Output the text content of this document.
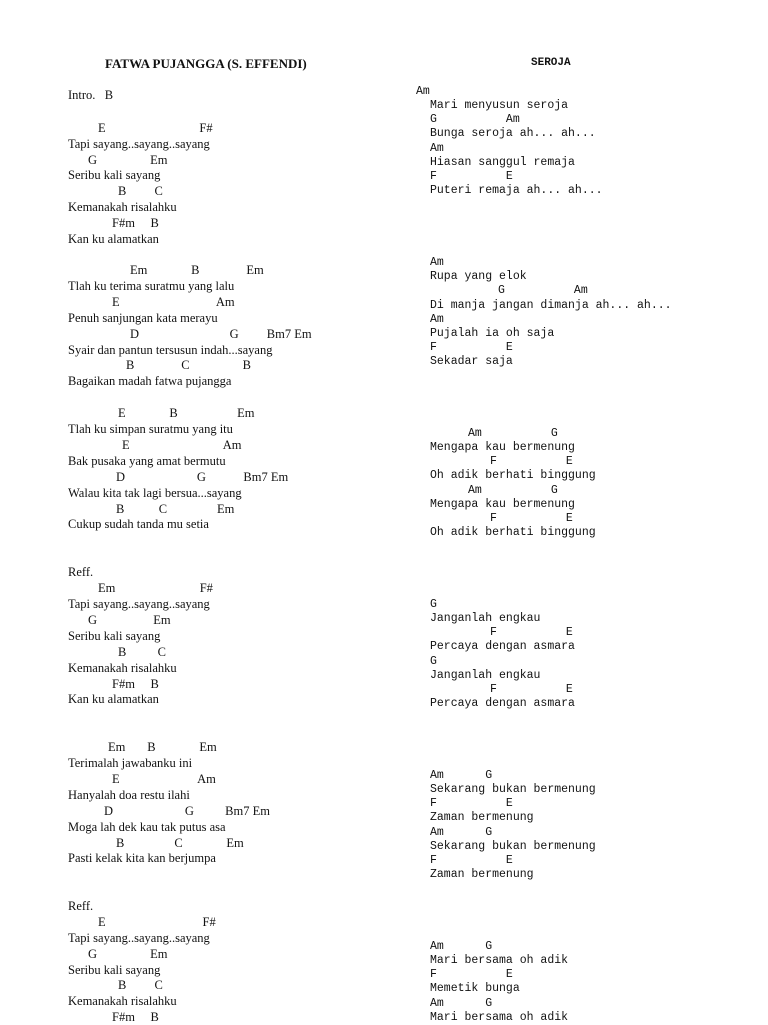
FATWA PUJANGGA (S. EFFENDI)
Intro.   B
E                              F#
Tapi sayang..sayang..sayang
G                 Em
Seribu kali sayang
B         C
Kemanakah risalahku
F#m     B
Kan ku alamatkan
Em              B               Em
Tlah ku terima suratmu yang lalu
E                               Am
Penuh sanjungan kata merayu
D                             G         Bm7 Em
Syair dan pantun tersusun indah...sayang
B               C                 B
Bagaikan madah fatwa pujangga
E              B                   Em
Tlah ku simpan suratmu yang itu
E                              Am
Bak pusaka yang amat bermutu
D                       G            Bm7 Em
Walau kita tak lagi bersua...sayang
B           C                Em
Cukup sudah tanda mu setia
Reff.
Em                           F#
Tapi sayang..sayang..sayang
G                  Em
Seribu kali sayang
B          C
Kemanakah risalahku
F#m     B
Kan ku alamatkan
Em       B              Em
Terimalah jawabanku ini
E                         Am
Hanyalah doa restu ilahi
D                       G          Bm7 Em
Moga lah dek kau tak putus asa
B                C              Em
Pasti kelak kita kan berjumpa
Reff.
E                               F#
Tapi sayang..sayang..sayang
G                 Em
Seribu kali sayang
B         C
Kemanakah risalahku
F#m     B
SEROJA
Am
Mari menyusun seroja
G          Am
Bunga seroja ah... ah...
Am
Hiasan sanggul remaja
F          E
Puteri remaja ah... ah...
Am
Rupa yang elok
G          Am
Di manja jangan dimanja ah... ah...
Am
Pujalah ia oh saja
F          E
Sekadar saja
Am          G
Mengapa kau bermenung
F          E
Oh adik berhati binggung
Am          G
Mengapa kau bermenung
F          E
Oh adik berhati binggung
G
Janganlah engkau
F          E
Percaya dengan asmara
G
Janganlah engkau
F          E
Percaya dengan asmara
Am      G
Sekarang bukan bermenung
F          E
Zaman bermenung
Am      G
Sekarang bukan bermenung
F          E
Zaman bermenung
Am      G
Mari bersama oh adik
F          E
Memetik bunga
Am      G
Mari bersama oh adik
